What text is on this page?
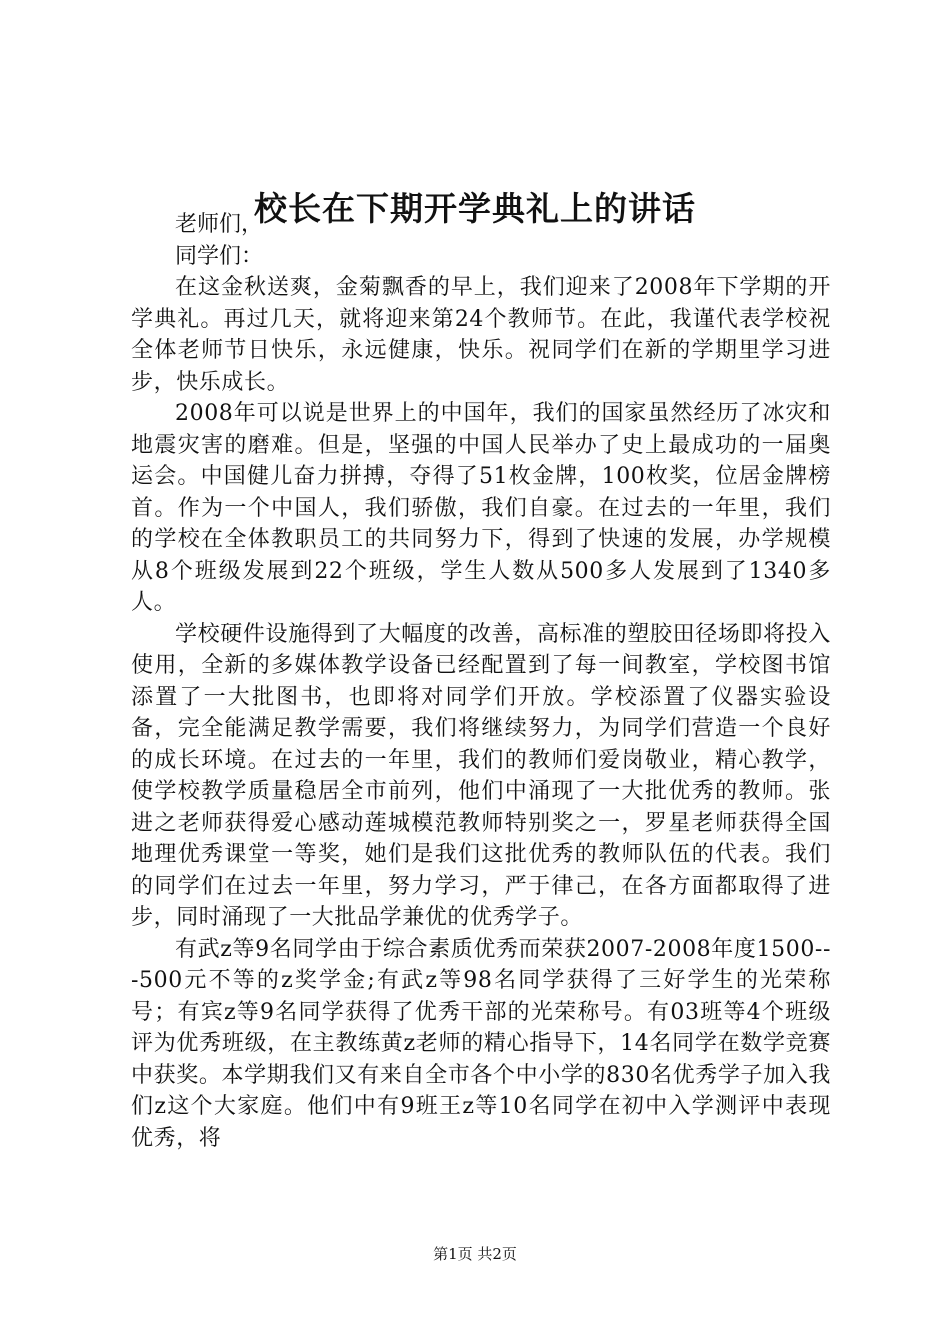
校长在下期开学典礼上的讲话

老师们，

同学们：

在这金秋送爽，金菊飘香的早上，我们迎来了2008年下学期的开学典礼。再过几天，就将迎来第24个教师节。在此，我谨代表学校祝全体老师节日快乐，永远健康，快乐。祝同学们在新的学期里学习进步，快乐成长。

2008年可以说是世界上的中国年，我们的国家虽然经历了冰灾和地震灾害的磨难。但是，坚强的中国人民举办了史上最成功的一届奥运会。中国健儿奋力拼搏，夺得了51枚金牌，100枚奖，位居金牌榜首。作为一个中国人，我们骄傲，我们自豪。在过去的一年里，我们的学校在全体教职员工的共同努力下，得到了快速的发展，办学规模从8个班级发展到22个班级，学生人数从500多人发展到了1340多人。

学校硬件设施得到了大幅度的改善，高标准的塑胶田径场即将投入使用，全新的多媒体教学设备已经配置到了每一间教室，学校图书馆添置了一大批图书，也即将对同学们开放。学校添置了仪器实验设备，完全能满足教学需要，我们将继续努力，为同学们营造一个良好的成长环境。在过去的一年里，我们的教师们爱岗敬业，精心教学，使学校教学质量稳居全市前列，他们中涌现了一大批优秀的教师。张进之老师获得爱心感动莲城模范教师特别奖之一，罗星老师获得全国地理优秀课堂一等奖，她们是我们这批优秀的教师队伍的代表。我们的同学们在过去一年里，努力学习，严于律己，在各方面都取得了进步，同时涌现了一大批品学兼优的优秀学子。

有武z等9名同学由于综合素质优秀而荣获2007-2008年度1500---500元不等的z奖学金;有武z等98名同学获得了三好学生的光荣称号；有宾z等9名同学获得了优秀干部的光荣称号。有03班等4个班级评为优秀班级，在主教练黄z老师的精心指导下，14名同学在数学竞赛中获奖。本学期我们又有来自全市各个中小学的830名优秀学子加入我们z这个大家庭。他们中有9班王z等10名同学在初中入学测评中表现优秀，将

第1页 共2页
